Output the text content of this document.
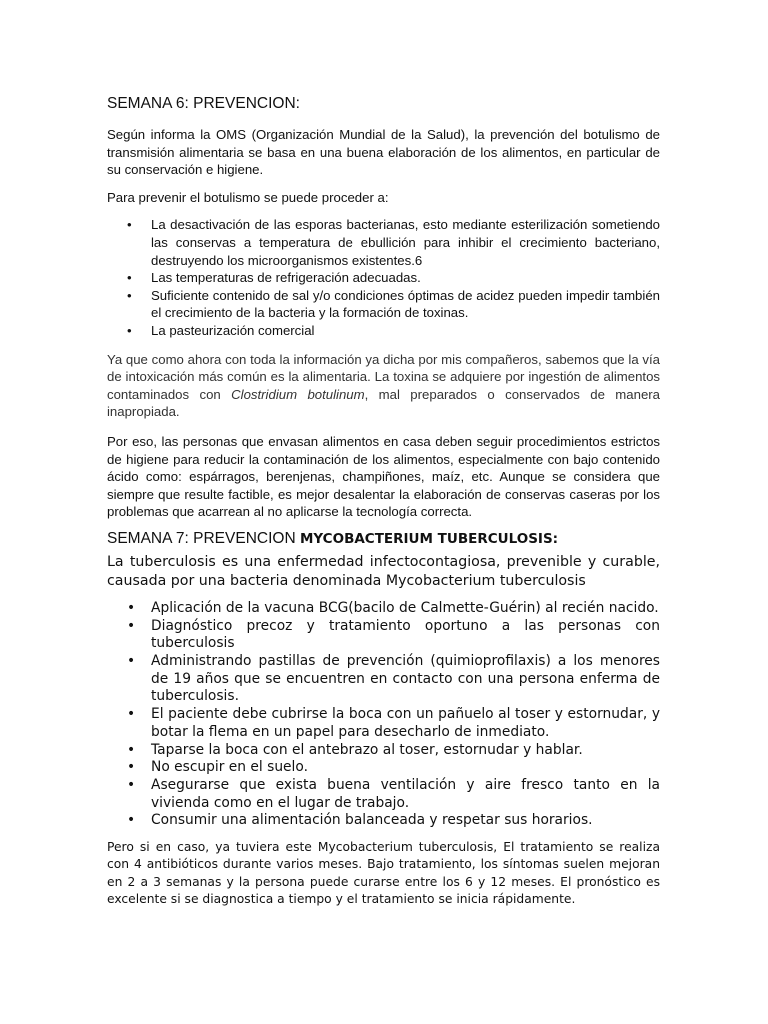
SEMANA 6: PREVENCION:

Según informa la OMS (Organización Mundial de la Salud), la prevención del botulismo de transmisión alimentaria se basa en una buena elaboración de los alimentos, en particular de su conservación e higiene.

Para prevenir el botulismo se puede proceder a:

• La desactivación de las esporas bacterianas, esto mediante esterilización sometiendo las conservas a temperatura de ebullición para inhibir el crecimiento bacteriano, destruyendo los microorganismos existentes.6
• Las temperaturas de refrigeración adecuadas.
• Suficiente contenido de sal y/o condiciones óptimas de acidez pueden impedir también el crecimiento de la bacteria y la formación de toxinas.
• La pasteurización comercial

Ya que como ahora con toda la información ya dicha por mis compañeros, sabemos que la vía de intoxicación más común es la alimentaria. La toxina se adquiere por ingestión de alimentos contaminados con Clostridium botulinum, mal preparados o conservados de manera inapropiada.

Por eso, las personas que envasan alimentos en casa deben seguir procedimientos estrictos de higiene para reducir la contaminación de los alimentos, especialmente con bajo contenido ácido como: espárragos, berenjenas, champiñones, maíz, etc. Aunque se considera que siempre que resulte factible, es mejor desalentar la elaboración de conservas caseras por los problemas que acarrean al no aplicarse la tecnología correcta.

SEMANA 7: PREVENCION MYCOBACTERIUM TUBERCULOSIS:

La tuberculosis es una enfermedad infectocontagiosa, prevenible y curable, causada por una bacteria denominada Mycobacterium tuberculosis

• Aplicación de la vacuna BCG(bacilo de Calmette-Guérin) al recién nacido.
• Diagnóstico precoz y tratamiento oportuno a las personas con tuberculosis
• Administrando pastillas de prevención (quimioprofilaxis) a los menores de 19 años que se encuentren en contacto con una persona enferma de tuberculosis.
• El paciente debe cubrirse la boca con un pañuelo al toser y estornudar, y botar la flema en un papel para desecharlo de inmediato.
• Taparse la boca con el antebrazo al toser, estornudar y hablar.
• No escupir en el suelo.
• Asegurarse que exista buena ventilación y aire fresco tanto en la vivienda como en el lugar de trabajo.
• Consumir una alimentación balanceada y respetar sus horarios.

Pero si en caso, ya tuviera este Mycobacterium tuberculosis, El tratamiento se realiza con 4 antibióticos durante varios meses. Bajo tratamiento, los síntomas suelen mejoran en 2 a 3 semanas y la persona puede curarse entre los 6 y 12 meses. El pronóstico es excelente si se diagnostica a tiempo y el tratamiento se inicia rápidamente.
